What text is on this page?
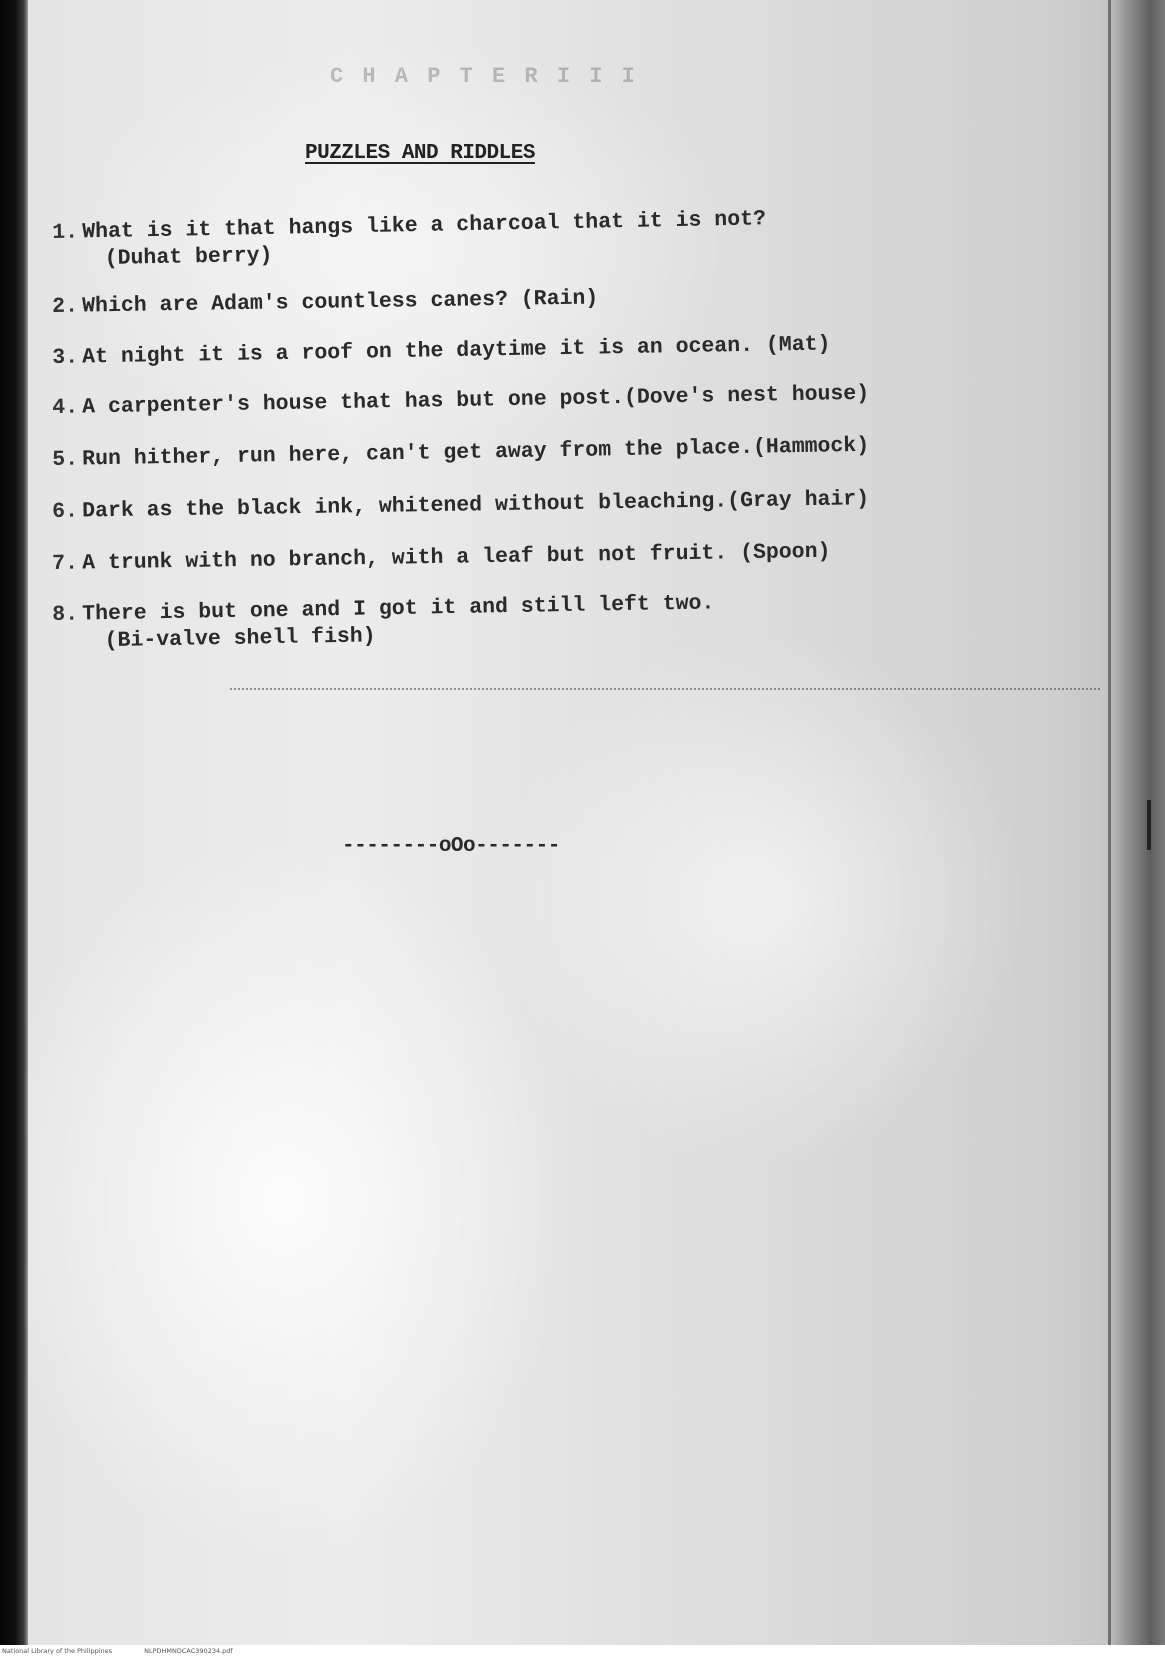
C H A P T E R I I I
PUZZLES AND RIDDLES
1. What is it that hangs like a charcoal that it is not?
(Duhat berry)
2. Which are Adam's countless canes? (Rain)
3. At night it is a roof on the daytime it is an ocean. (Mat)
4. A carpenter's house that has but one post.(Dove's nest house)
5. Run hither, run here, can't get away from the place.(Hammock)
6. Dark as the black ink, whitened without bleaching.(Gray hair)
7. A trunk with no branch, with a leaf but not fruit. (Spoon)
8. There is but one and I got it and still left two.
(Bi-valve shell fish)
--------oOo-------
National Library of the Philippines	NLPDHMNDCAC390234.pdf
